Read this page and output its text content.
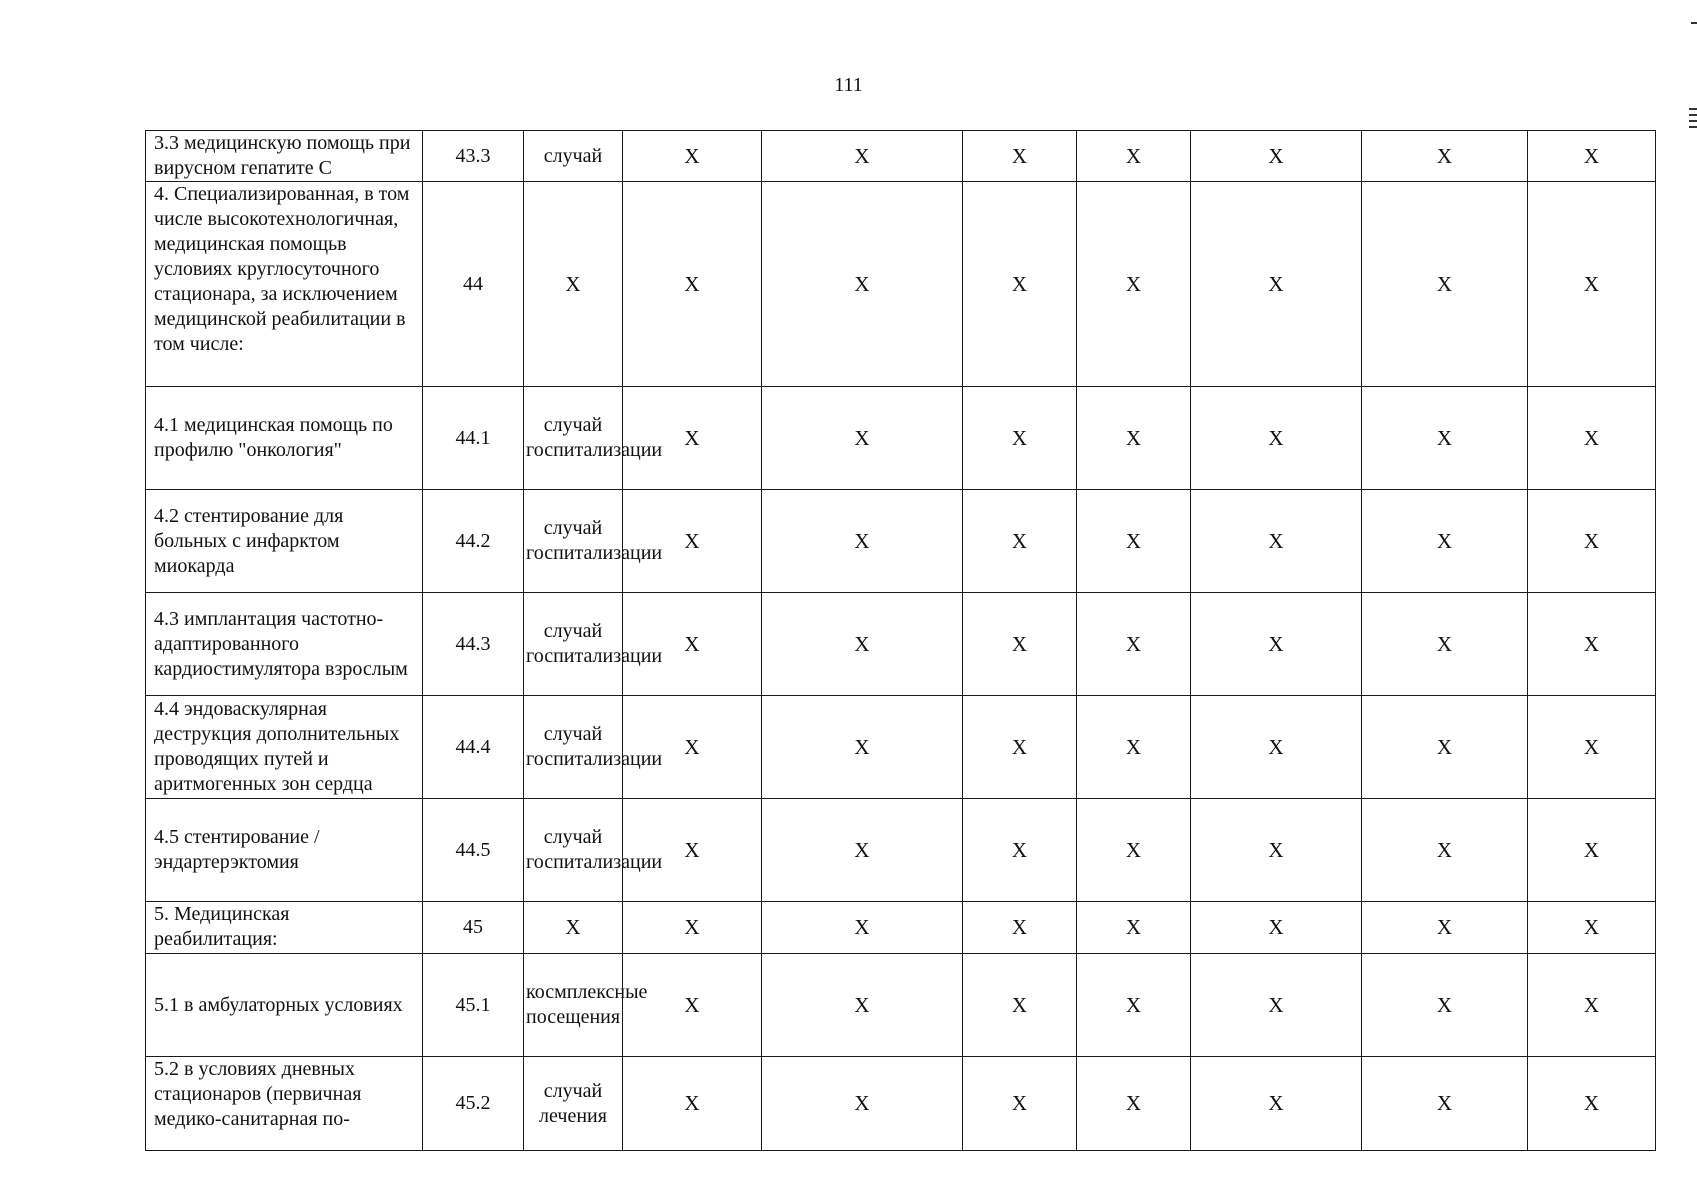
111
3.3 медицинскую помощь при вирусном гепатите С	43.3	случай	X	X	X	X	X	X	X
4. Специализированная, в том числе высокотехнологичная, медицинская помощьв условиях круглосуточного стационара, за исключением медицинской реабилитации в том числе:	44	X	X	X	X	X	X	X	X
4.1 медицинская помощь по профилю "онкология"	44.1	случай госпитализации	X	X	X	X	X	X	X
4.2 стентирование для больных с инфарктом миокарда	44.2	случай госпитализации	X	X	X	X	X	X	X
4.3 имплантация частотно-адаптированного кардиостимулятора взрослым	44.3	случай госпитализации	X	X	X	X	X	X	X
4.4 эндоваскулярная деструкция дополнительных проводящих путей и аритмогенных зон сердца	44.4	случай госпитализации	X	X	X	X	X	X	X
4.5 стентирование / эндартерэктомия	44.5	случай госпитализации	X	X	X	X	X	X	X
5. Медицинская реабилитация:	45	X	X	X	X	X	X	X	X
5.1 в амбулаторных условиях	45.1	космплексные посещения	X	X	X	X	X	X	X
5.2 в условиях дневных стационаров (первичная медико-санитарная по-	45.2	случай лечения	X	X	X	X	X	X	X
